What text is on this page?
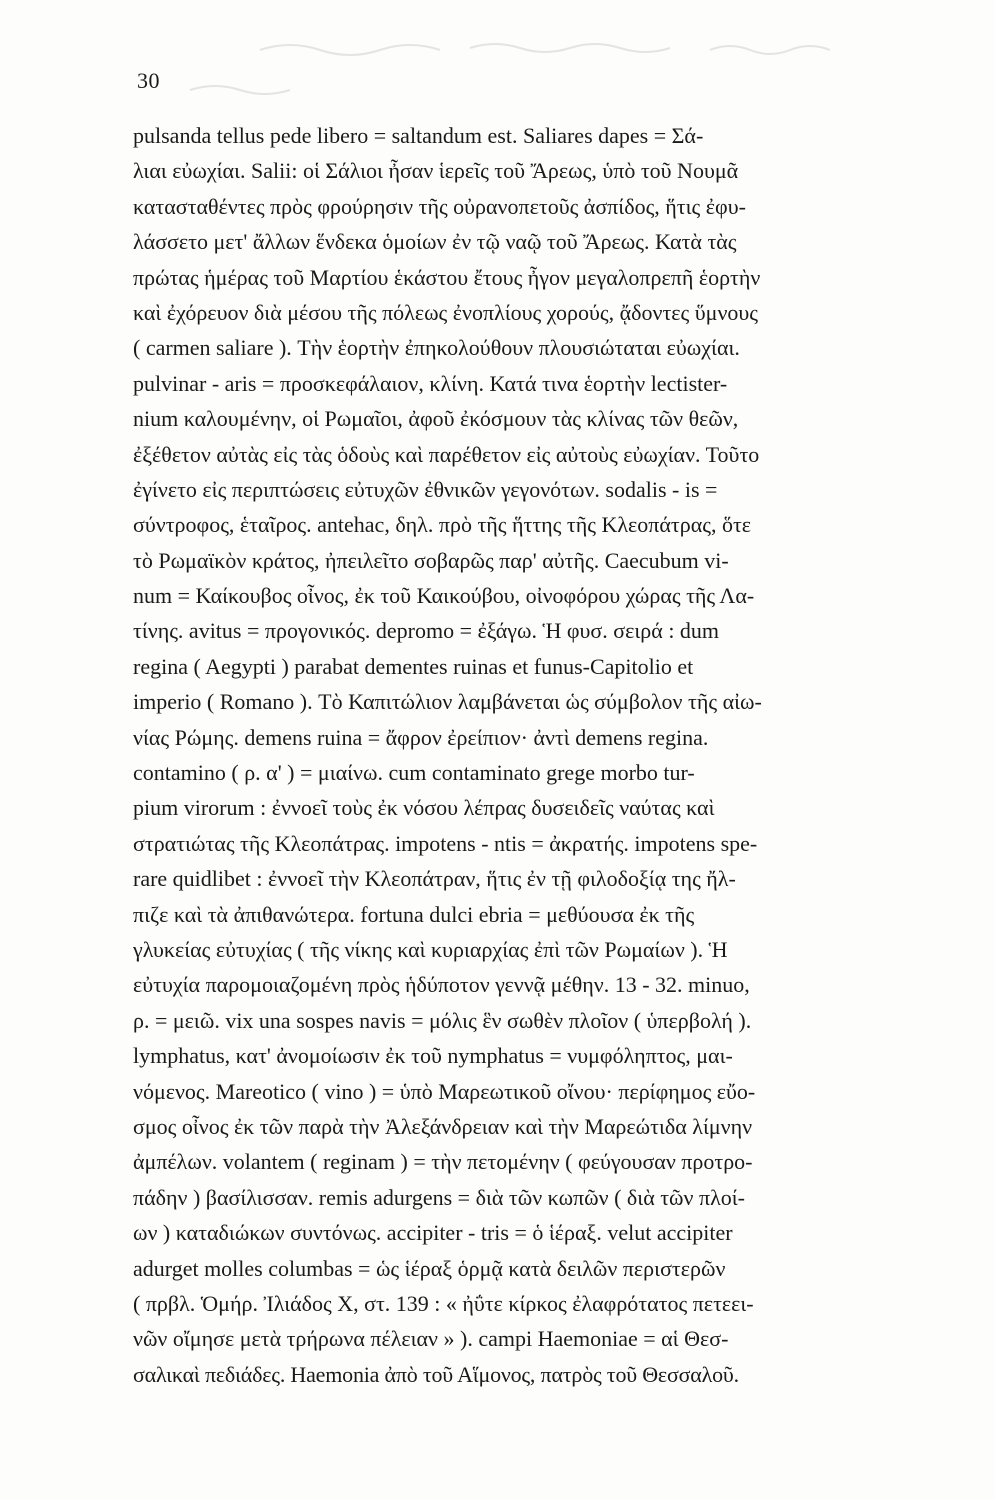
30
pulsanda tellus pede libero = saltandum est. Saliares dapes = Σά-
λιαι εὐωχίαι. Salii: οἱ Σάλιοι ἦσαν ἱερεῖς τοῦ Ἄρεως, ὑπὸ τοῦ Νουμᾶ
κατασταθέντες πρὸς φρούρησιν τῆς οὐρανοπετοῦς ἀσπίδος, ἥτις ἐφυ-
λάσσετο μετ' ἄλλων ἕνδεκα ὁμοίων ἐν τῷ ναῷ τοῦ Ἄρεως. Κατὰ τὰς
πρώτας ἡμέρας τοῦ Μαρτίου ἑκάστου ἔτους ἦγον μεγαλοπρεπῆ ἑορτὴν
καὶ ἐχόρευον διὰ μέσου τῆς πόλεως ἐνοπλίους χορούς, ᾄδοντες ὕμνους
( carmen saliare ). Τὴν ἑορτὴν ἐπηκολούθουν πλουσιώταται εὐωχίαι.
pulvinar - aris = προσκεφάλαιον, κλίνη. Κατά τινα ἑορτὴν lectister-
nium καλουμένην, οἱ Ρωμαῖοι, ἀφοῦ ἐκόσμουν τὰς κλίνας τῶν θεῶν,
ἐξέθετον αὐτὰς εἰς τὰς ὁδοὺς καὶ παρέθετον εἰς αὐτοὺς εὐωχίαν. Τοῦτο
ἐγίνετο εἰς περιπτώσεις εὐτυχῶν ἐθνικῶν γεγονότων. sodalis - is =
σύντροφος, ἑταῖρος. antehac, δηλ. πρὸ τῆς ἥττης τῆς Κλεοπάτρας, ὅτε
τὸ Ρωμαϊκὸν κράτος, ἠπειλεῖτο σοβαρῶς παρ' αὐτῆς. Caecubum vi-
num = Καίκουβος οἶνος, ἐκ τοῦ Καικούβου, οἰνοφόρου χώρας τῆς Λα-
τίνης. avitus = προγονικός. depromo = ἐξάγω. Ἡ φυσ. σειρά : dum
regina ( Aegypti ) parabat dementes ruinas et funus-Capitolio et
imperio ( Romano ). Τὸ Καπιτώλιον λαμβάνεται ὡς σύμβολον τῆς αἰω-
νίας Ρώμης. demens ruina = ἄφρον ἐρείπιον· ἀντὶ demens regina.
contamino ( ρ. α' ) = μιαίνω. cum contaminato grege morbo tur-
pium virorum : ἐννοεῖ τοὺς ἐκ νόσου λέπρας δυσειδεῖς ναύτας καὶ
στρατιώτας τῆς Κλεοπάτρας. impotens - ntis = ἀκρατής. impotens spe-
rare quidlibet : ἐννοεῖ τὴν Κλεοπάτραν, ἥτις ἐν τῇ φιλοδοξίᾳ της ἤλ-
πιζε καὶ τὰ ἀπιθανώτερα. fortuna dulci ebria = μεθύουσα ἐκ τῆς
γλυκείας εὐτυχίας ( τῆς νίκης καὶ κυριαρχίας ἐπὶ τῶν Ρωμαίων ). Ἡ
εὐτυχία παρομοιαζομένη πρὸς ἡδύποτον γεννᾷ μέθην. 13 - 32. minuo,
ρ. = μειῶ. vix una sospes navis = μόλις ἓν σωθὲν πλοῖον ( ὑπερβολή ).
lymphatus, κατ' ἀνομοίωσιν ἐκ τοῦ nymphatus = νυμφόληπτος, μαι-
νόμενος. Mareotico ( vino ) = ὑπὸ Μαρεωτικοῦ οἴνου· περίφημος εὔο-
σμος οἶνος ἐκ τῶν παρὰ τὴν Ἀλεξάνδρειαν καὶ τὴν Μαρεώτιδα λίμνην
ἀμπέλων. volantem ( reginam ) = τὴν πετομένην ( φεύγουσαν προτρο-
πάδην ) βασίλισσαν. remis adurgens = διὰ τῶν κωπῶν ( διὰ τῶν πλοί-
ων ) καταδιώκων συντόνως. accipiter - tris = ὁ ἱέραξ. velut accipiter
adurget molles columbas = ὡς ἱέραξ ὁρμᾷ κατὰ δειλῶν περιστερῶν
( πρβλ. Ὁμήρ. Ἰλιάδος Χ, στ. 139 : « ἠΰτε κίρκος ἐλαφρότατος πετεει-
νῶν οἴμησε μετὰ τρήρωνα πέλειαν » ). campi Haemoniae = αἱ Θεσ-
σαλικαὶ πεδιάδες. Haemonia ἀπὸ τοῦ Αἵμονος, πατρὸς τοῦ Θεσσαλοῦ.
